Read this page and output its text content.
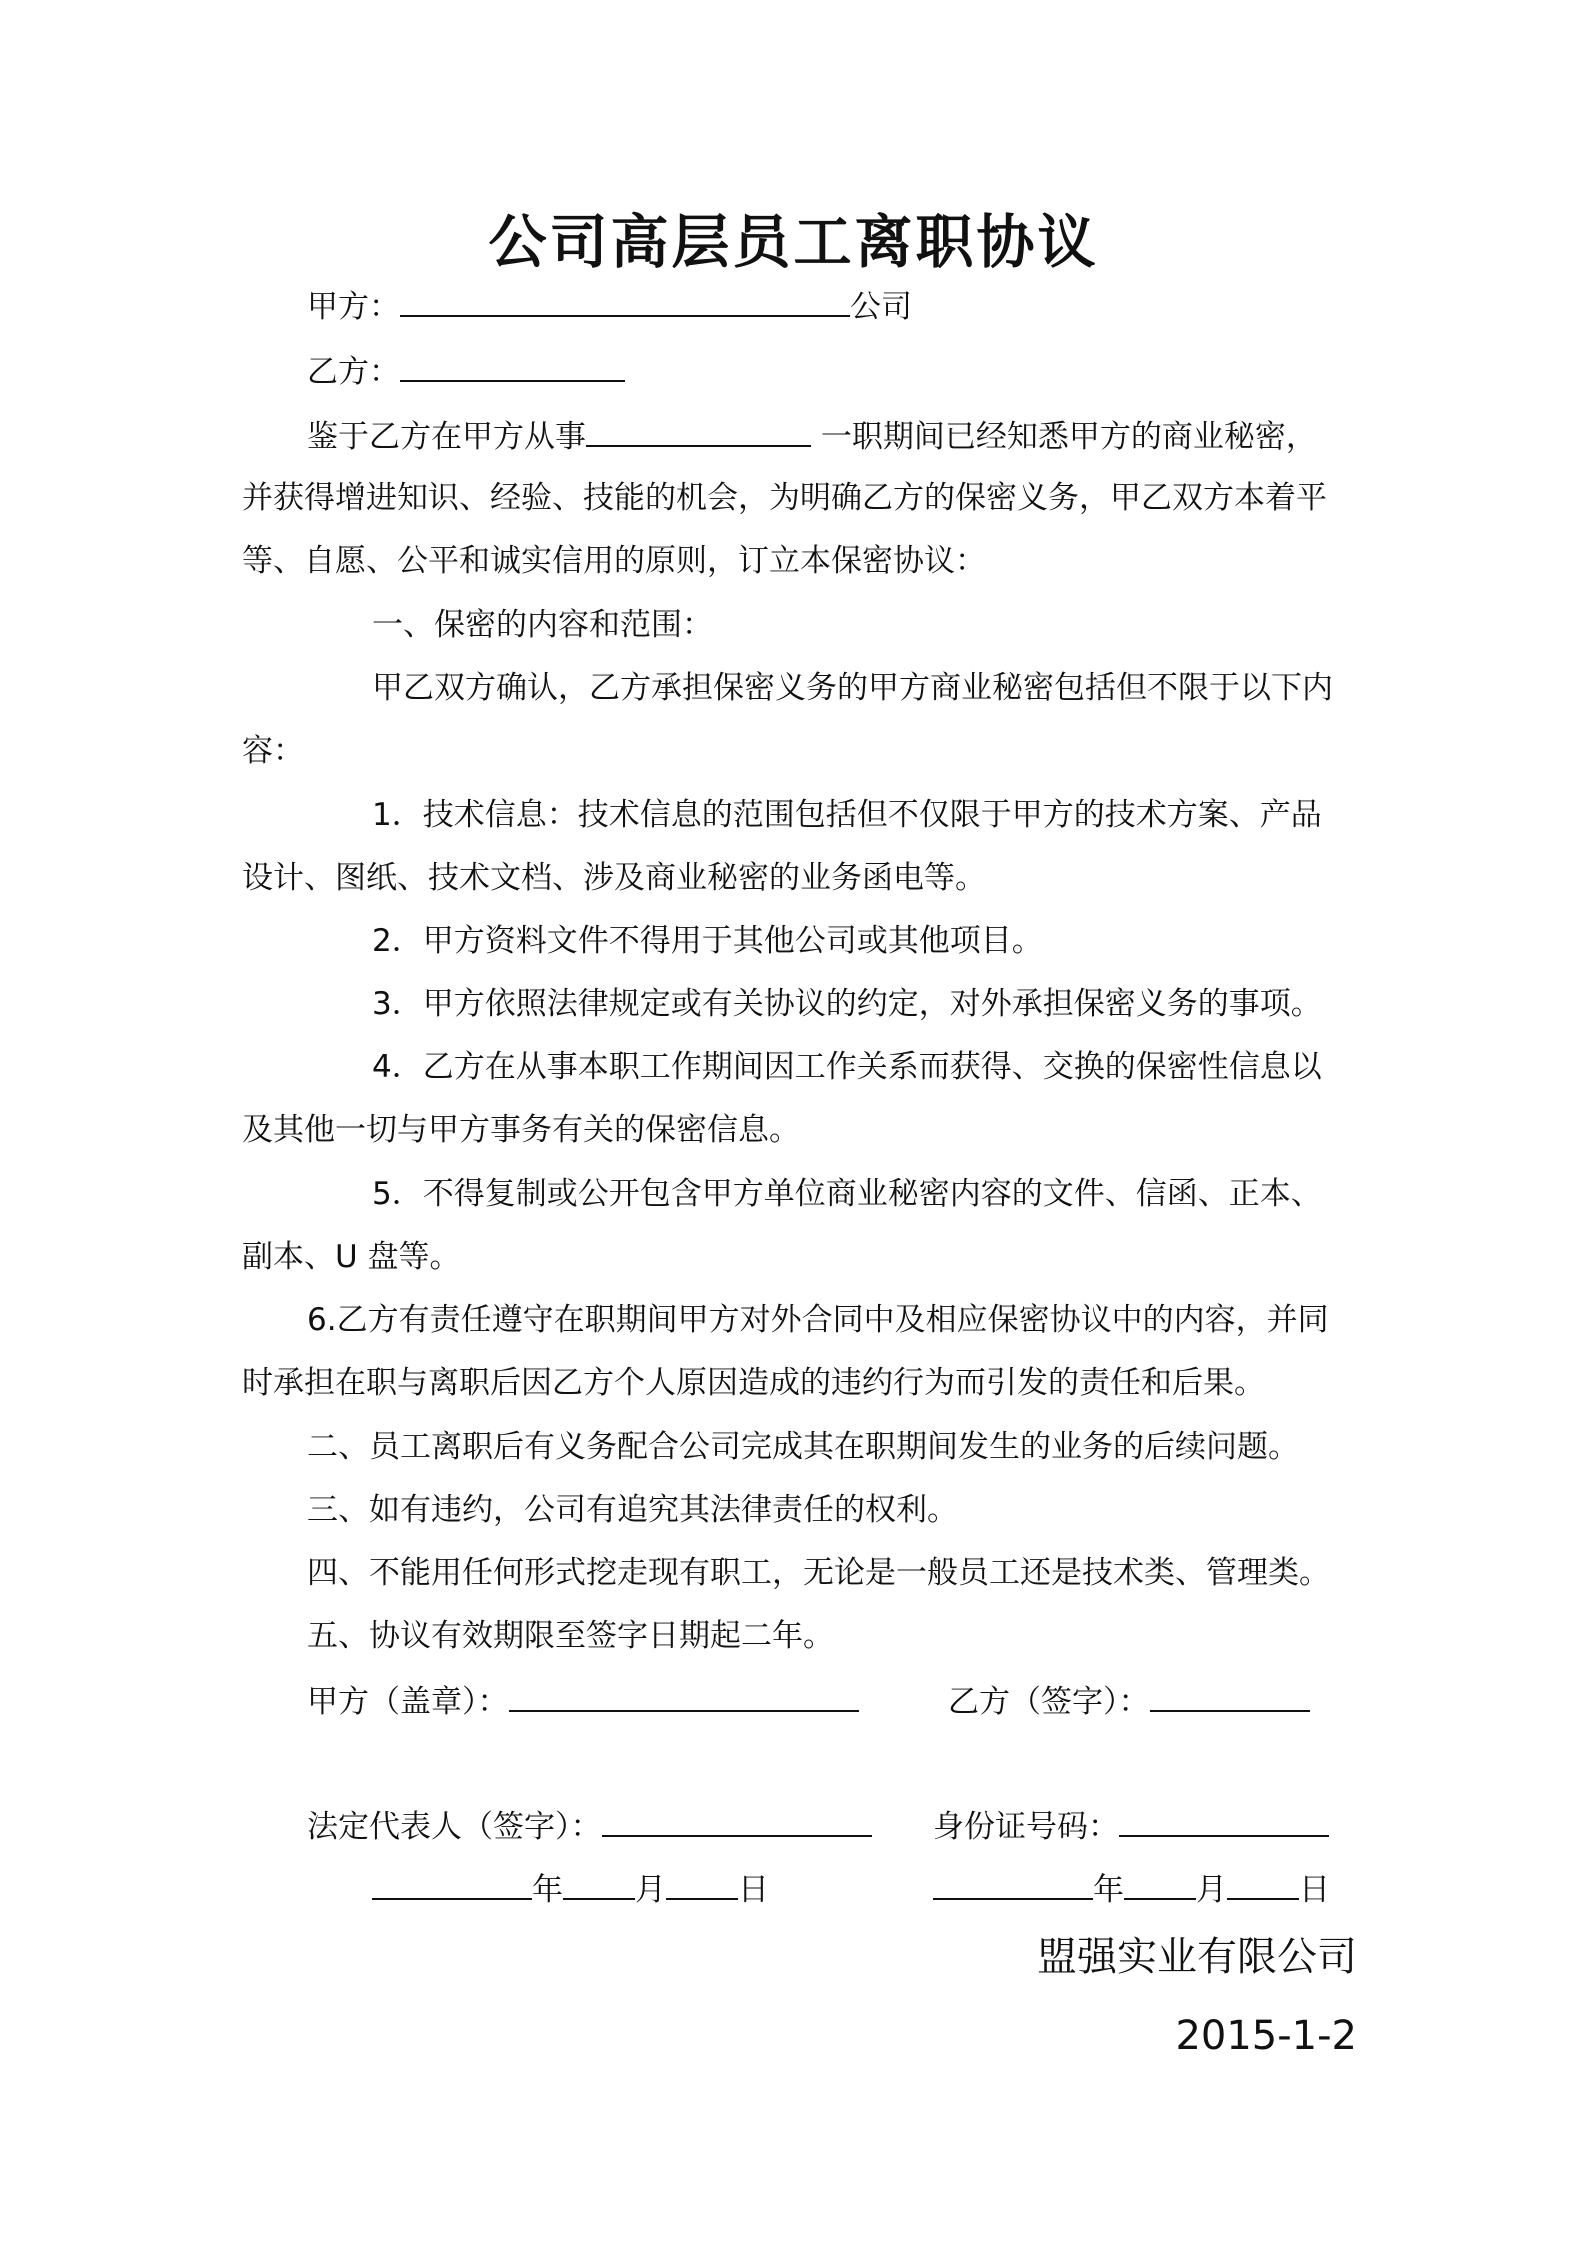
公司高层员工离职协议
甲方：	公司
乙方：
鉴于乙方在甲方从事	一职期间已经知悉甲方的商业秘密，
并获得增进知识、经验、技能的机会，为明确乙方的保密义务，甲乙双方本着平
等、自愿、公平和诚实信用的原则，订立本保密协议：
一、保密的内容和范围：
甲乙双方确认，乙方承担保密义务的甲方商业秘密包括但不限于以下内
容：
1．技术信息：技术信息的范围包括但不仅限于甲方的技术方案、产品
设计、图纸、技术文档、涉及商业秘密的业务函电等。
2．甲方资料文件不得用于其他公司或其他项目。
3．甲方依照法律规定或有关协议的约定，对外承担保密义务的事项。
4．乙方在从事本职工作期间因工作关系而获得、交换的保密性信息以
及其他一切与甲方事务有关的保密信息。
5．不得复制或公开包含甲方单位商业秘密内容的文件、信函、正本、
副本、U 盘等。
6.乙方有责任遵守在职期间甲方对外合同中及相应保密协议中的内容，并同
时承担在职与离职后因乙方个人原因造成的违约行为而引发的责任和后果。
二、员工离职后有义务配合公司完成其在职期间发生的业务的后续问题。
三、如有违约，公司有追究其法律责任的权利。
四、不能用任何形式挖走现有职工，无论是一般员工还是技术类、管理类。
五、协议有效期限至签字日期起二年。
甲方（盖章）：	乙方（签字）：
法定代表人（签字）：	身份证号码：
年 月 日	年 月 日
盟强实业有限公司
2015-1-2
